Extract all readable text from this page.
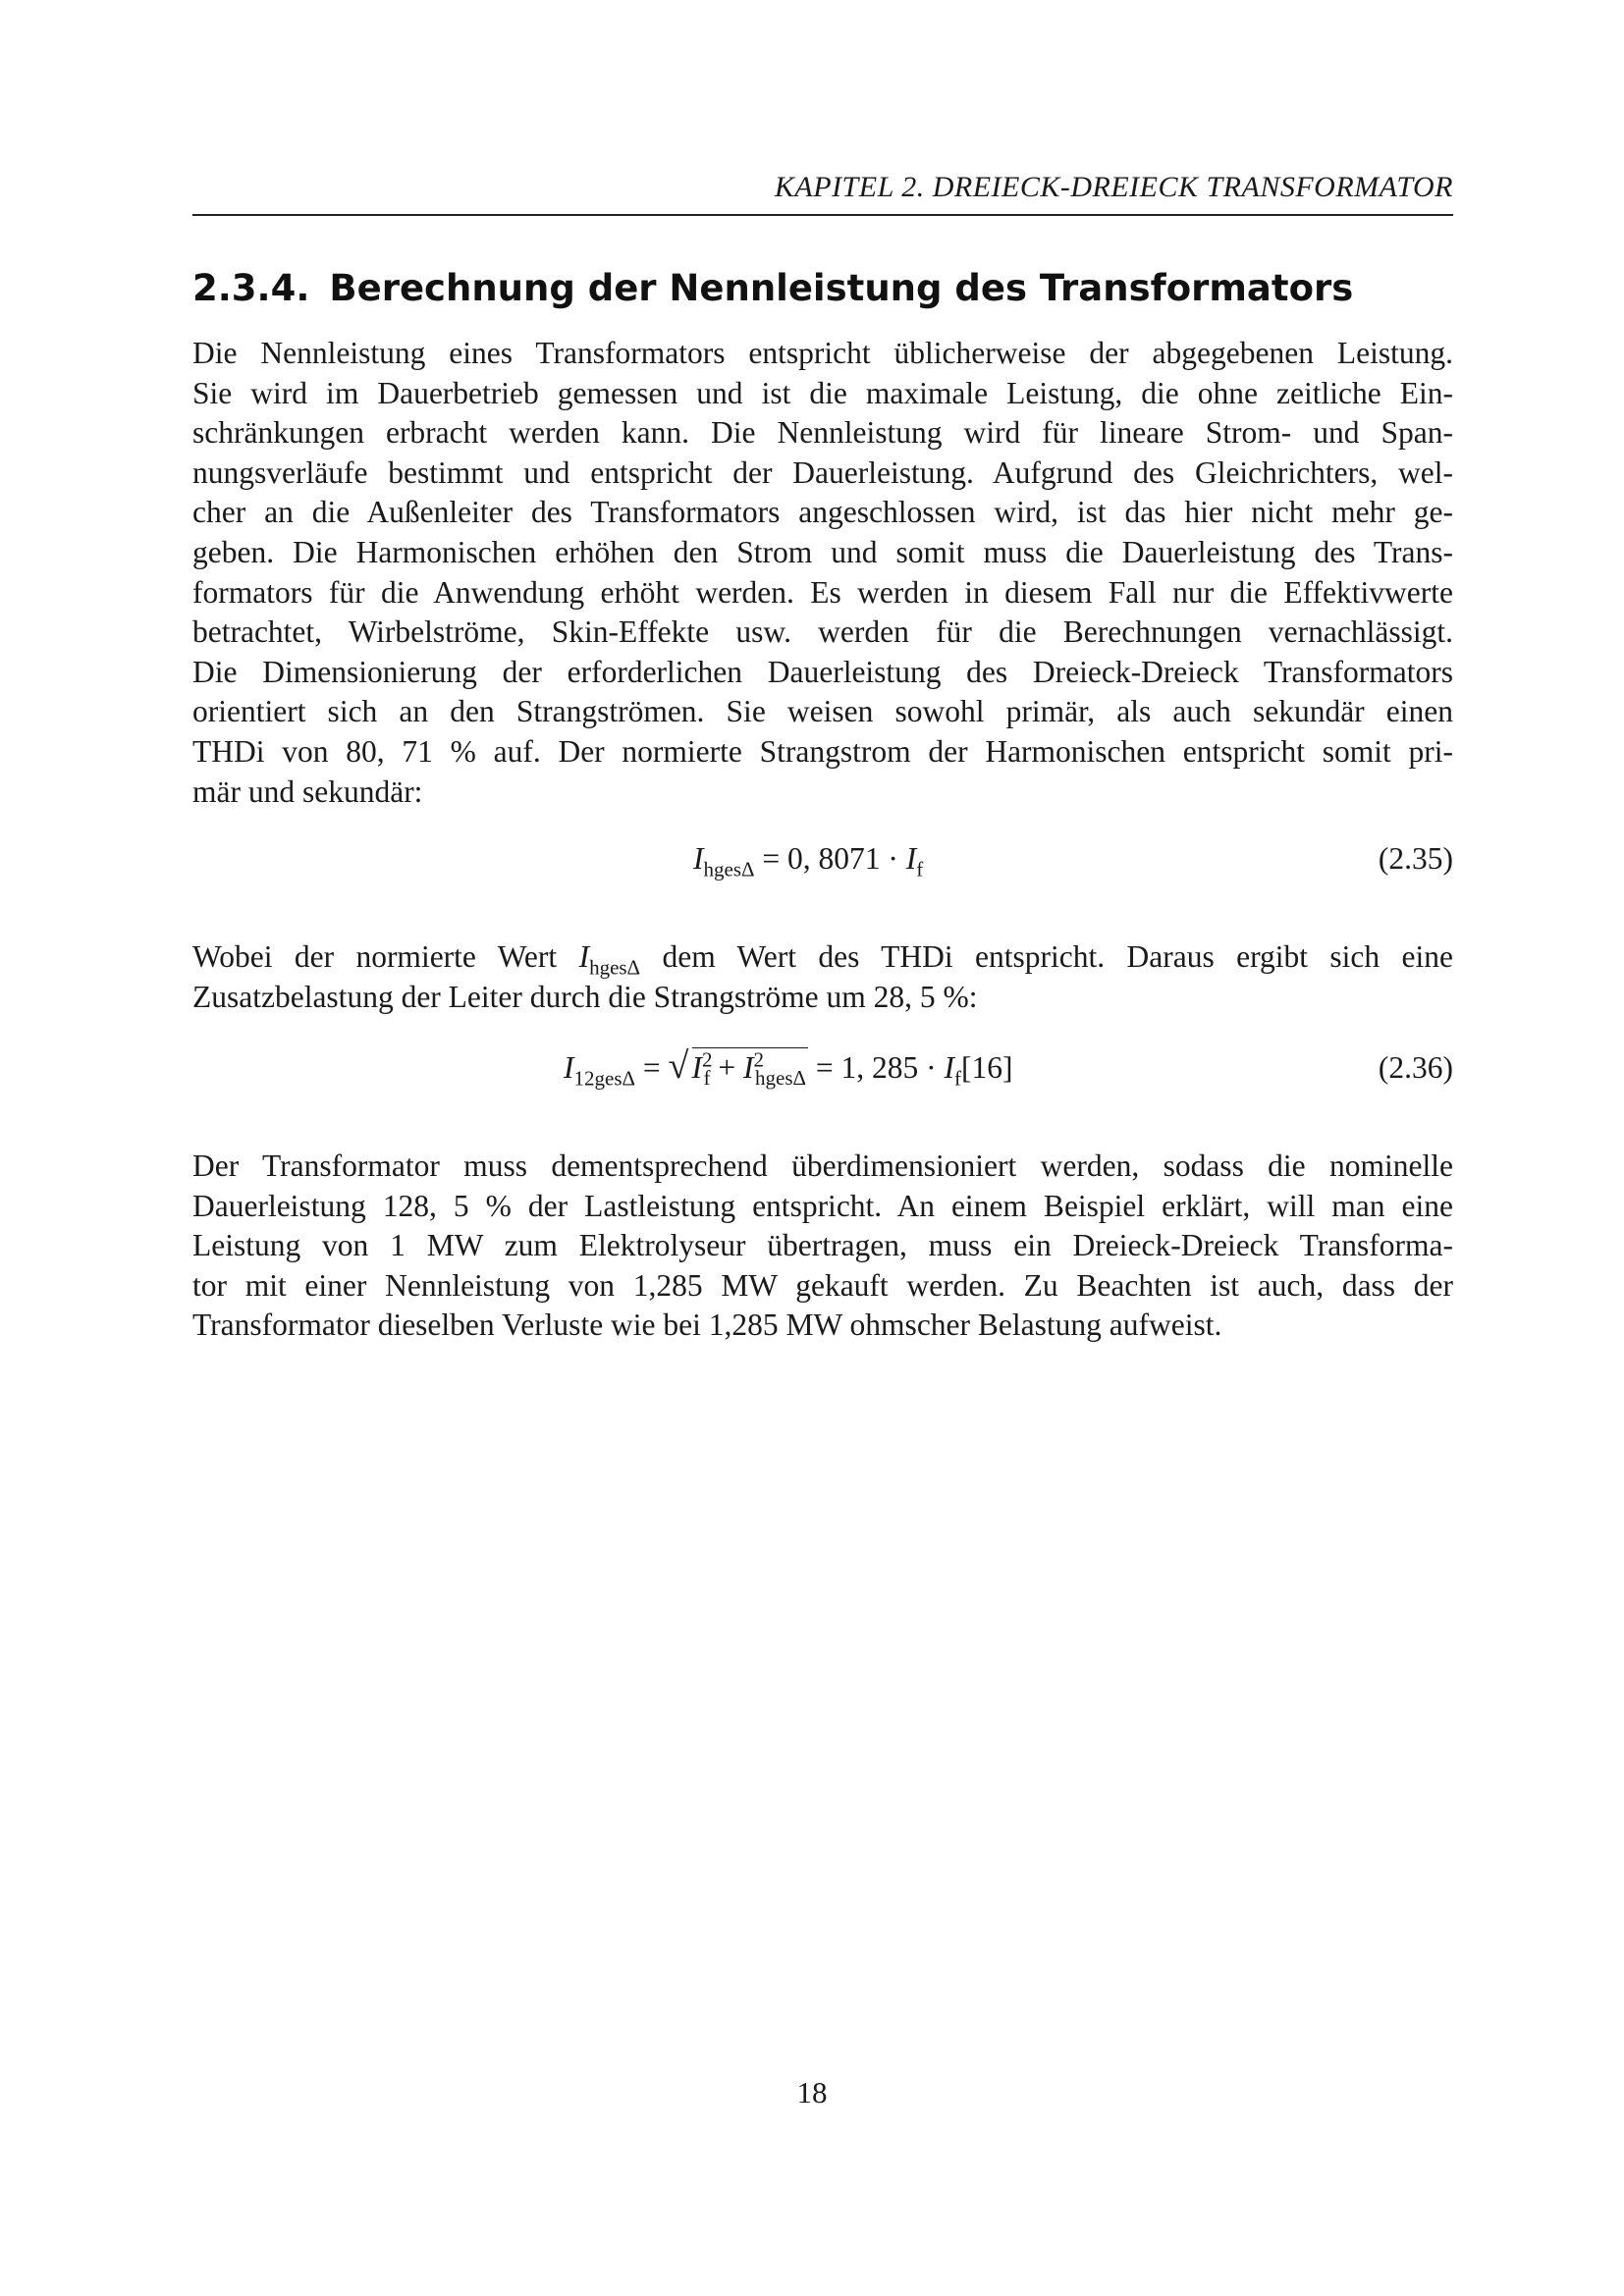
KAPITEL 2. DREIECK-DREIECK TRANSFORMATOR
2.3.4. Berechnung der Nennleistung des Transformators

Die Nennleistung eines Transformators entspricht üblicherweise der abgegebenen Leistung.
Sie wird im Dauerbetrieb gemessen und ist die maximale Leistung, die ohne zeitliche Ein-
schränkungen erbracht werden kann. Die Nennleistung wird für lineare Strom- und Span-
nungsverläufe bestimmt und entspricht der Dauerleistung. Aufgrund des Gleichrichters, wel-
cher an die Außenleiter des Transformators angeschlossen wird, ist das hier nicht mehr ge-
geben. Die Harmonischen erhöhen den Strom und somit muss die Dauerleistung des Trans-
formators für die Anwendung erhöht werden. Es werden in diesem Fall nur die Effektivwerte
betrachtet, Wirbelströme, Skin-Effekte usw. werden für die Berechnungen vernachlässigt.
Die Dimensionierung der erforderlichen Dauerleistung des Dreieck-Dreieck Transformators
orientiert sich an den Strangströmen. Sie weisen sowohl primär, als auch sekundär einen
THDi von 80, 71 % auf. Der normierte Strangstrom der Harmonischen entspricht somit pri-
mär und sekundär:

$I_{hges\Delta} = 0$, $8071 \cdot I_f$	(2.35)

Wobei der normierte Wert $I_{hges\Delta}$ dem Wert des THDi entspricht. Daraus ergibt sich eine
Zusatzbelastung der Leiter durch die Strangströme um 28, 5 %:

$I_{12ges\Delta}$ = √ $I^2_f + I^2_{hges\Delta} = 1$, $285 \cdot I_f[16]$	(2.36)

Der Transformator muss dementsprechend überdimensioniert werden, sodass die nominelle
Dauerleistung 128, 5 % der Lastleistung entspricht. An einem Beispiel erklärt, will man eine
Leistung von 1 MW zum Elektrolyseur übertragen, muss ein Dreieck-Dreieck Transforma-
tor mit einer Nennleistung von 1,285 MW gekauft werden. Zu Beachten ist auch, dass der
Transformator dieselben Verluste wie bei 1,285 MW ohmscher Belastung aufweist.

18
